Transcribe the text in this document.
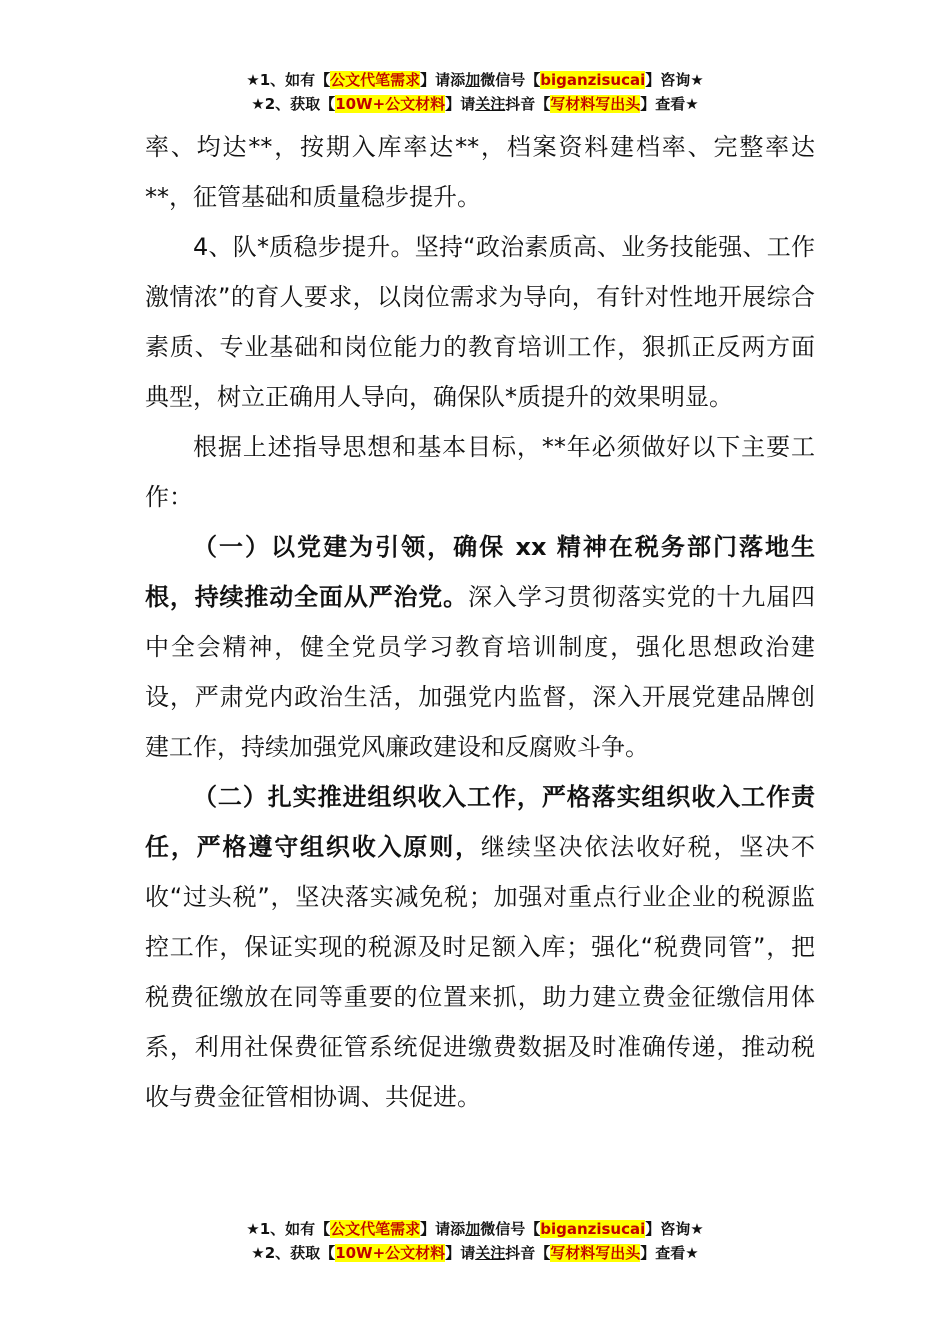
★1、如有【公文代笔需求】请添加微信号【biganzisucai】咨询★
★2、获取【10W+公文材料】请关注抖音【写材料写出头】查看★

率、均达**，按期入库率达**，档案资料建档率、完整率达**，征管基础和质量稳步提升。

4、队*质稳步提升。坚持“政治素质高、业务技能强、工作激情浓”的育人要求，以岗位需求为导向，有针对性地开展综合素质、专业基础和岗位能力的教育培训工作，狠抓正反两方面典型，树立正确用人导向，确保队*质提升的效果明显。

根据上述指导思想和基本目标，**年必须做好以下主要工作：

（一）以党建为引领，确保 xx 精神在税务部门落地生根，持续推动全面从严治党。深入学习贯彻落实党的十九届四中全会精神，健全党员学习教育培训制度，强化思想政治建设，严肃党内政治生活，加强党内监督，深入开展党建品牌创建工作，持续加强党风廉政建设和反腐败斗争。

（二）扎实推进组织收入工作，严格落实组织收入工作责任，严格遵守组织收入原则，继续坚决依法收好税，坚决不收“过头税”，坚决落实减免税；加强对重点行业企业的税源监控工作，保证实现的税源及时足额入库；强化“税费同管”，把税费征缴放在同等重要的位置来抓，助力建立费金征缴信用体系，利用社保费征管系统促进缴费数据及时准确传递，推动税收与费金征管相协调、共促进。

★1、如有【公文代笔需求】请添加微信号【biganzisucai】咨询★
★2、获取【10W+公文材料】请关注抖音【写材料写出头】查看★
